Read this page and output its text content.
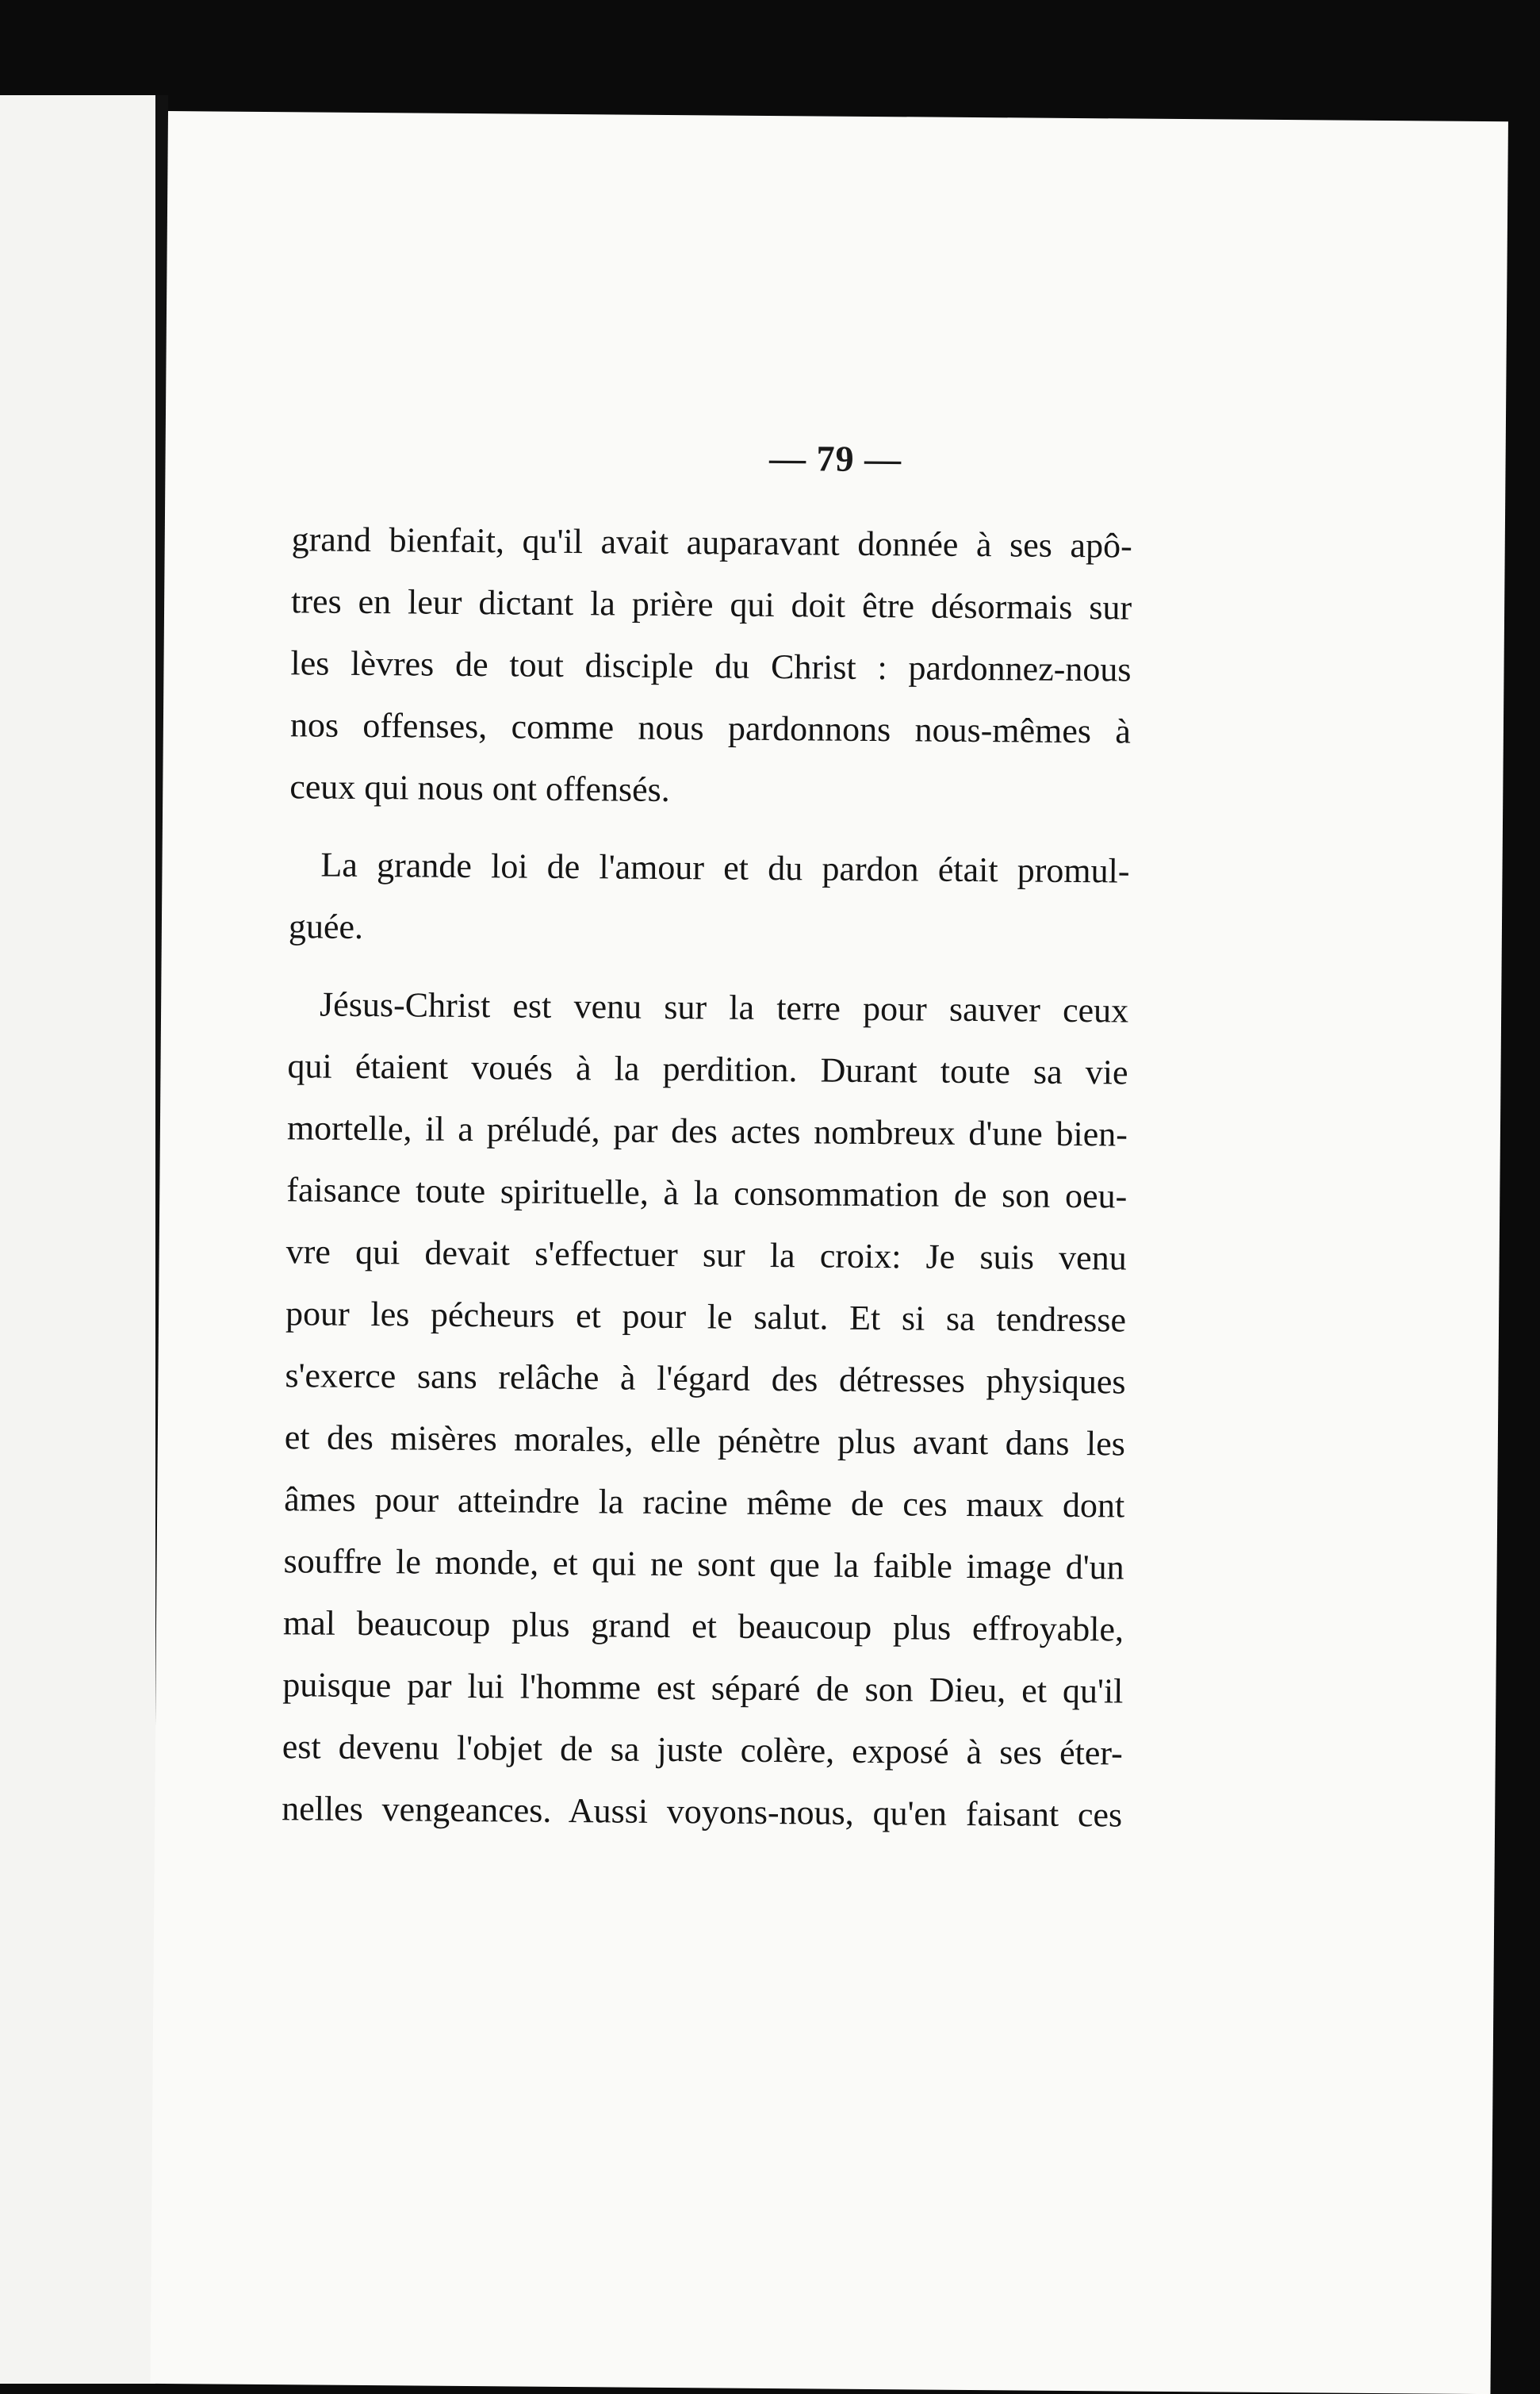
— 79 —
grand bienfait, qu'il avait auparavant donnée à ses apô-
tres en leur dictant la prière qui doit être désormais sur
les lèvres de tout disciple du Christ : pardonnez-nous
nos offenses, comme nous pardonnons nous-mêmes à
ceux qui nous ont offensés.
La grande loi de l'amour et du pardon était promul-
guée.
Jésus-Christ est venu sur la terre pour sauver ceux
qui étaient voués à la perdition. Durant toute sa vie
mortelle, il a préludé, par des actes nombreux d'une bien-
faisance toute spirituelle, à la consommation de son oeu-
vre qui devait s'effectuer sur la croix: Je suis venu
pour les pécheurs et pour le salut. Et si sa tendresse
s'exerce sans relâche à l'égard des détresses physiques
et des misères morales, elle pénètre plus avant dans les
âmes pour atteindre la racine même de ces maux dont
souffre le monde, et qui ne sont que la faible image d'un
mal beaucoup plus grand et beaucoup plus effroyable,
puisque par lui l'homme est séparé de son Dieu, et qu'il
est devenu l'objet de sa juste colère, exposé à ses éter-
nelles vengeances. Aussi voyons-nous, qu'en faisant ces
